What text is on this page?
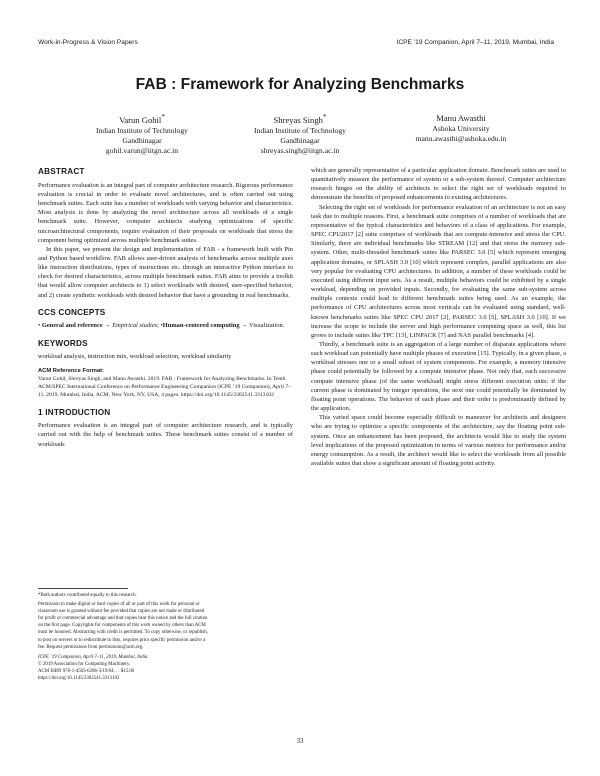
Work-in-Progress & Vision Papers	ICPE ’19 Companion, April 7–11, 2019, Mumbai, India
FAB : Framework for Analyzing Benchmarks
Varun Gohil*
Indian Institute of Technology
Gandhinagar
gohil.varun@iitgn.ac.in
Shreyas Singh*
Indian Institute of Technology
Gandhinagar
shreyas.singh@iitgn.ac.in
Manu Awasthi
Ashoka University
manu.awasthi@ashoka.edu.in
ABSTRACT

Performance evaluation is an integral part of computer architecture research. Rigorous performance evaluation is crucial in order to evaluate novel architectures, and is often carried out using benchmark suites. Each suite has a number of workloads with varying behavior and characteristics. Most analysis is done by analyzing the novel architecture across all workloads of a single benchmark suite. However, computer architects studying optimizations of specific microarchitectural components, require evaluation of their proposals on workloads that stress the component being optimized across multiple benchmark suites.

In this paper, we present the design and implementation of FAB - a framework built with Pin and Python based workflow. FAB allows user-driven analysis of benchmarks across multiple axes like instruction distributions, types of instructions etc. through an interactive Python interface to check for desired characteristics, across multiple benchmark suites. FAB aims to provide a toolkit that would allow computer architects to 1) select workloads with desired, user-specified behavior, and 2) create synthetic workloads with desired behavior that have a grounding in real benchmarks.

CCS CONCEPTS

• General and reference → Empirical studies; •Human-centered computing → Visualization.

KEYWORDS

workload analysis, instruction mix, workload selection, workload similarity

ACM Reference Format:
Varun Gohil, Shreyas Singh, and Manu Awasthi. 2019. FAB : Framework for Analyzing Benchmarks. In Tenth ACM/SPEC International Conference on Performance Engineering Companion (ICPE ’19 Companion), April 7– 11, 2019, Mumbai, India. ACM, New York, NY, USA, 4 pages. https://doi.org/10.1145/3302541.3313102
1 INTRODUCTION

Performance evaluation is an integral part of computer architecture research, and is typically carried out with the help of benchmark suites. These benchmark suites consist of a number of workloads

*Both authors contributed equally to this research.
Permission to make digital or hard copies of all or part of this work for personal or
classroom use is granted without fee provided that copies are not made or distributed
for profit or commercial advantage and that copies bear this notice and the full citation
on the first page. Copyrights for components of this work owned by others than ACM
must be honored. Abstracting with credit is permitted. To copy otherwise, or republish,
to post on servers or to redistribute to lists, requires prior specific permission and/or a
fee. Request permissions from permissions@acm.org.
ICPE ’19 Companion, April 7–11, 2019, Mumbai, India
© 2019 Association for Computing Machinery.
ACM ISBN 978-1-4503-6286-3/19/04. . . $15.00
https://doi.org/10.1145/3302541.3313102

which are generally representative of a particular application domain. Benchmark suites are used to quantitatively measure the performance of system or a sub-system thereof. Computer architecture research hinges on the ability of architects to select the right set of workloads required to demonstrate the benefits of proposed enhancements to existing architectures.

Selecting the right set of workloads for performance evaluation of an architecture is not an easy task due to multiple reasons. First, a benchmark suite comprises of a number of workloads that are representative of the typical characteristics and behaviors of a class of applications. For example, SPEC CPU2017 [2] suite comprises of workloads that are compute-intensive and stress the CPU. Similarly, there are individual benchmarks like STREAM [12] and that stress the memory sub-system. Other, multi-threaded benchmark suites like PARSEC 3.0 [5] which represent emerging application domains, or SPLASH 3.0 [10] which represent complex, parallel applications are also very popular for evaluating CPU architectures. In addition, a number of these workloads could be executed using different input sets. As a result, multiple behaviors could be exhibited by a single workload, depending on provided inputs. Secondly, for evaluating the same sub-system across multiple contexts could lead to different benchmark suites being used. As an example, the performance of CPU architectures across most verticals can be evaluated using standard, well-known benchmarks suites like SPEC CPU 2017 [2], PARSEC 3.0 [5], SPLASH 3.0 [10]. If we increase the scope to include the server and high performance computing space as well, this list grows to include suites like TPC [13], LINPACK [7] and NAS parallel benchmarks [4].

Thirdly, a benchmark suite is an aggregation of a large number of disparate applications where each workload can potentially have multiple phases of execution [15]. Typically, in a given phase, a workload stresses one or a small subset of system components. For example, a memory intensive phase could potentially be followed by a compute intensive phase. Not only that, each successive compute intensive phase (of the same workload) might stress different execution units: if the current phase is dominated by integer operations, the next one could potentially be dominated by floating point operations. The behavior of each phase and their order is predominantly defined by the application.

This varied space could become especially difficult to maneuver for architects and designers who are trying to optimize a specific components of the architecture, say the floating point sub-system. Once an enhancement has been proposed, the architects would like to study the system level implications of the proposed optimization in terms of various metrics for performance and/or energy consumption. As a result, the architect would like to select the workloads from all possible available suites that show a significant amount of floating point activity.

33
